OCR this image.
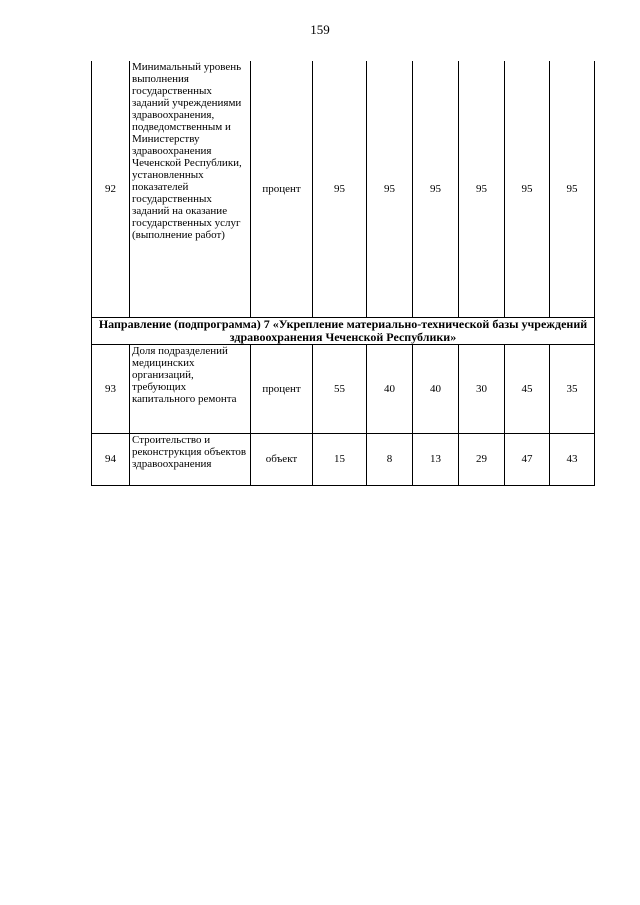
159
92	Минимальный уровень выполнения государственных заданий учреждениями здравоохранения, подведомственным и Министерству здравоохранения Чеченской Республики, установленных показателей государственных заданий на оказание государственных услуг (выполнение работ)	процент	95	95	95	95	95	95
Направление (подпрограмма) 7 «Укрепление материально-технической базы учреждений здравоохранения Чеченской Республики»								
93	Доля подразделений медицинских организаций, требующих капитального ремонта	процент	55	40	40	30	45	35
94	Строительство и реконструкция объектов здравоохранения	объект	15	8	13	29	47	43
